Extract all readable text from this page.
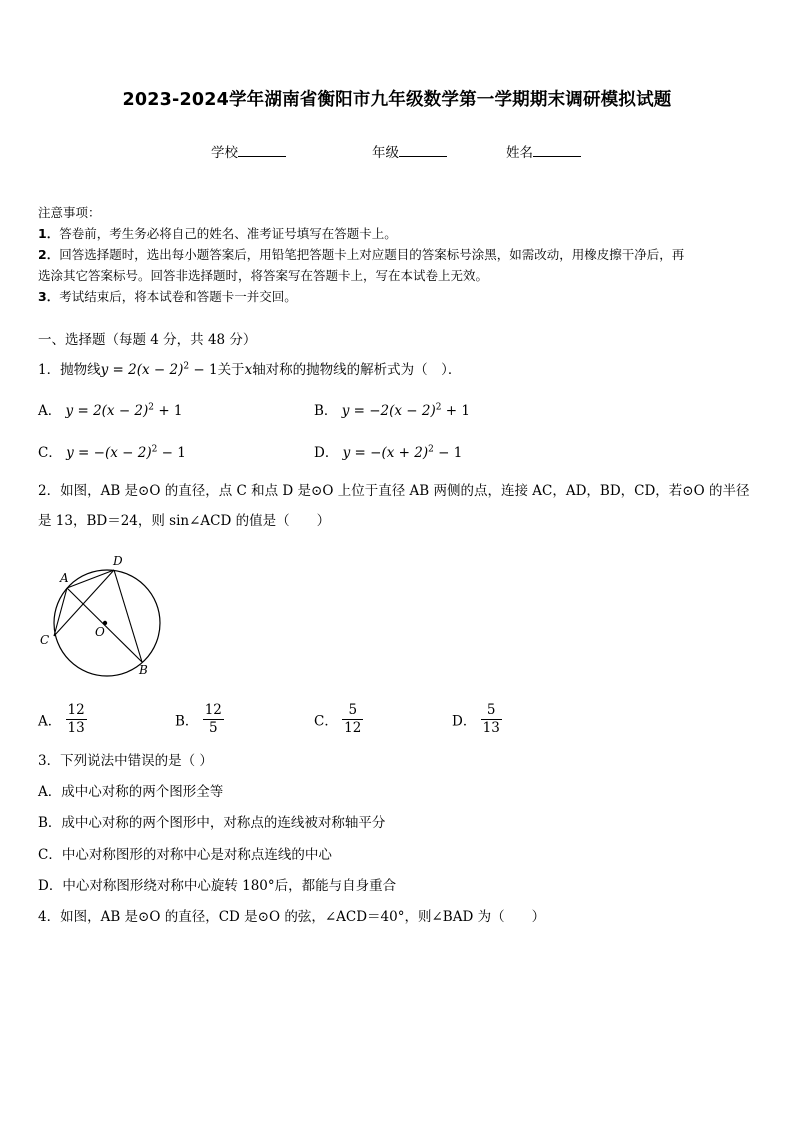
2023-2024学年湖南省衡阳市九年级数学第一学期期末调研模拟试题
学校	年级	姓名
注意事项：
1．答卷前，考生务必将自己的姓名、准考证号填写在答题卡上。
2．回答选择题时，选出每小题答案后，用铅笔把答题卡上对应题目的答案标号涂黑，如需改动，用橡皮擦干净后，再
选涂其它答案标号。回答非选择题时，将答案写在答题卡上，写在本试卷上无效。
3．考试结束后，将本试卷和答题卡一并交回。
一、选择题（每题 4 分，共 48 分）
1．抛物线$y = 2(x - 2)^2 - 1$关于x轴对称的抛物线的解析式为（　）．
A． $y = 2(x - 2)^2 + 1$	B． $y = -2(x - 2)^2 + 1$
C． $y = -(x - 2)^2 - 1$	D． $y = -(x + 2)^2 - 1$
2．如图，AB 是⊙O 的直径，点 C 和点 D 是⊙O 上位于直径 AB 两侧的点，连接 AC，AD，BD，CD，若⊙O 的半径
是 13，BD＝24，则 sin∠ACD 的值是（　　）
A
D
C
O
B
A． $\frac{12}{13}$	B． $\frac{12}{5}$	C． $\frac{5}{12}$	D． $\frac{5}{13}$
3．下列说法中错误的是（ ）
A．成中心对称的两个图形全等
B．成中心对称的两个图形中，对称点的连线被对称轴平分
C．中心对称图形的对称中心是对称点连线的中心
D．中心对称图形绕对称中心旋转 180°后，都能与自身重合
4．如图，AB 是⊙O 的直径，CD 是⊙O 的弦，∠ACD＝40°，则∠BAD 为（　　）
